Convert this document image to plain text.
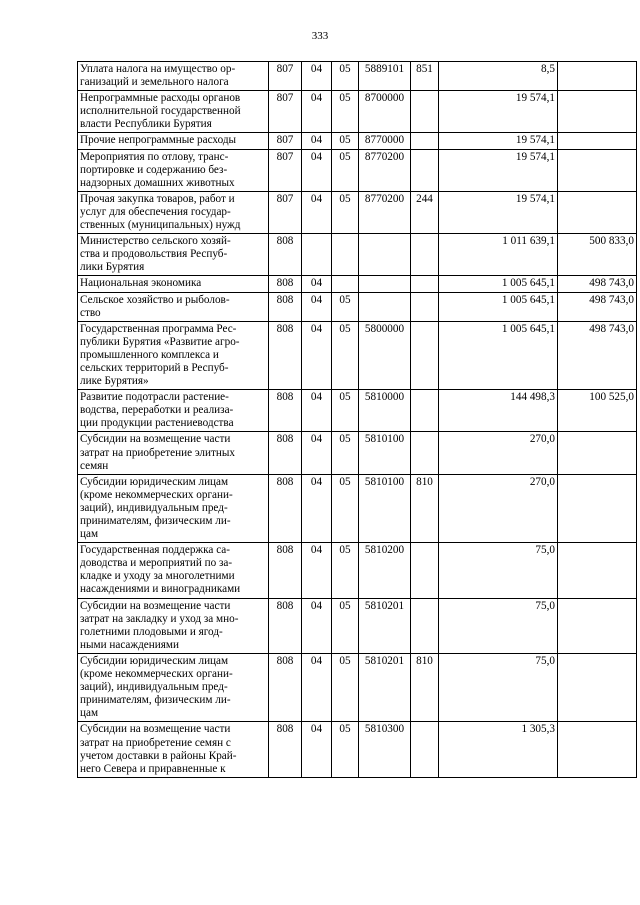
333
Уплата налога на имущество ор-
ганизаций и земельного налога	807	04	05	5889101	851	8,5	
Непрограммные расходы органов
исполнительной государственной
власти Республики Бурятия	807	04	05	8700000		19 574,1	
Прочие непрограммные расходы	807	04	05	8770000		19 574,1	
Мероприятия по отлову, транс-
портировке и содержанию без-
надзорных домашних животных	807	04	05	8770200		19 574,1	
Прочая закупка товаров, работ и
услуг для обеспечения государ-
ственных (муниципальных) нужд	807	04	05	8770200	244	19 574,1	
Министерство сельского хозяй-
ства и продовольствия Респуб-
лики Бурятия	808					1 011 639,1	500 833,0
Национальная экономика	808	04				1 005 645,1	498 743,0
Сельское хозяйство и рыболов-
ство	808	04	05			1 005 645,1	498 743,0
Государственная программа Рес-
публики Бурятия «Развитие агро-
промышленного комплекса и
сельских территорий в Респуб-
лике Бурятия»	808	04	05	5800000		1 005 645,1	498 743,0
Развитие подотрасли растение-
водства, переработки и реализа-
ции продукции растениеводства	808	04	05	5810000		144 498,3	100 525,0
Субсидии на возмещение части
затрат на приобретение элитных
семян	808	04	05	5810100		270,0	
Субсидии юридическим лицам
(кроме некоммерческих органи-
заций), индивидуальным пред-
принимателям, физическим ли-
цам	808	04	05	5810100	810	270,0	
Государственная поддержка са-
доводства и мероприятий по за-
кладке и уходу за многолетними
насаждениями и виноградниками	808	04	05	5810200		75,0	
Субсидии на возмещение части
затрат на закладку и уход за мно-
голетними плодовыми и ягод-
ными насаждениями	808	04	05	5810201		75,0	
Субсидии юридическим лицам
(кроме некоммерческих органи-
заций), индивидуальным пред-
принимателям, физическим ли-
цам	808	04	05	5810201	810	75,0	
Субсидии на возмещение части
затрат на приобретение семян с
учетом доставки в районы Край-
него Севера и приравненные к	808	04	05	5810300		1 305,3	
